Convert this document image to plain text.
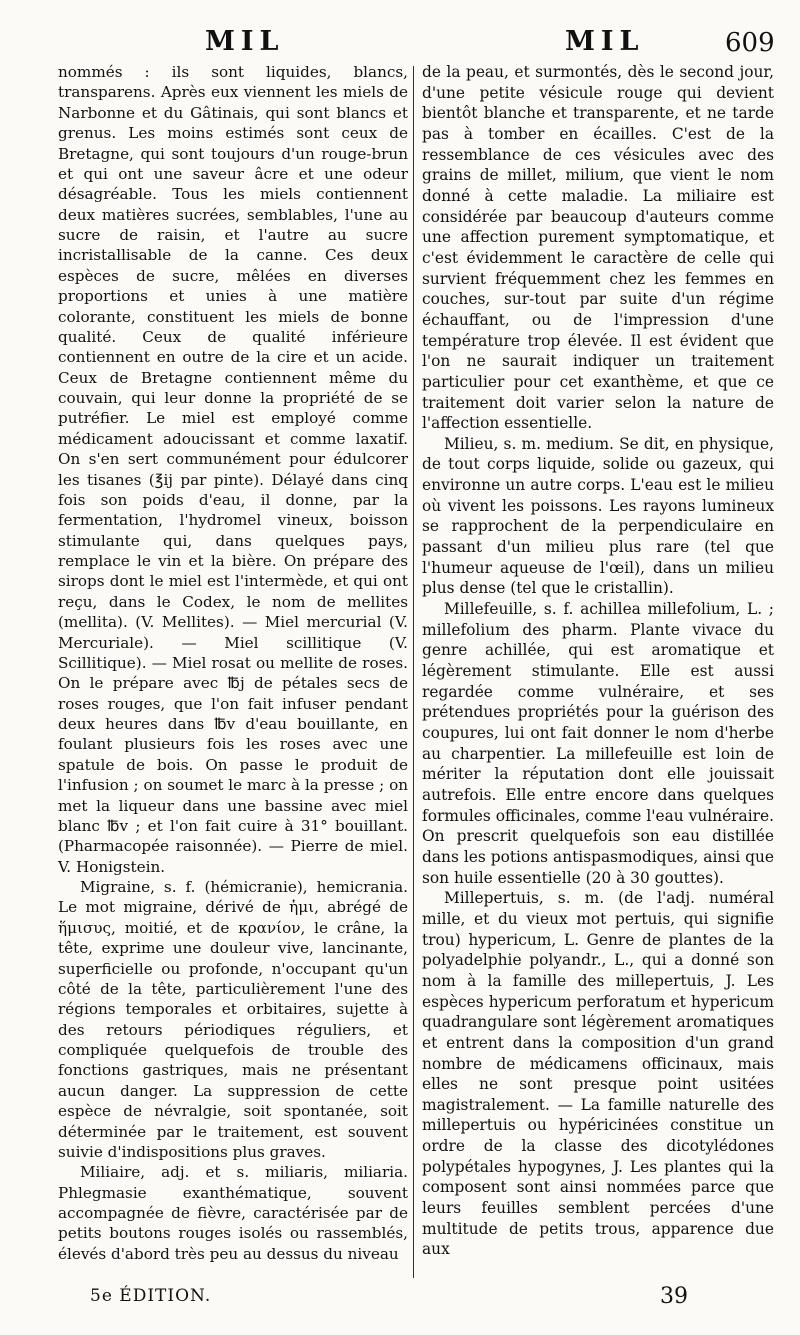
MIL	MIL	609

nommés : ils sont liquides, blancs, transparens. Après eux viennent les miels de Narbonne et du Gâtinais, qui sont blancs et grenus. Les moins estimés sont ceux de Bretagne, qui sont toujours d'un rouge-brun et qui ont une saveur âcre et une odeur désagréable. Tous les miels contiennent deux matières sucrées, semblables, l'une au sucre de raisin, et l'autre au sucre incristallisable de la canne. Ces deux espèces de sucre, mêlées en diverses proportions et unies à une matière colorante, constituent les miels de bonne qualité. Ceux de qualité inférieure contiennent en outre de la cire et un acide. Ceux de Bretagne contiennent même du couvain, qui leur donne la propriété de se putréfier. Le miel est employé comme médicament adoucissant et comme laxatif. On s'en sert communément pour édulcorer les tisanes (℥ij par pinte). Délayé dans cinq fois son poids d'eau, il donne, par la fermentation, l'hydromel vineux, boisson stimulante qui, dans quelques pays, remplace le vin et la bière. On prépare des sirops dont le miel est l'intermède, et qui ont reçu, dans le Codex, le nom de mellites (mellita). (V. Mellites). — Miel mercurial (V. Mercuriale). — Miel scillitique (V. Scillitique). — Miel rosat ou mellite de roses. On le prépare avec ℔j de pétales secs de roses rouges, que l'on fait infuser pendant deux heures dans ℔v d'eau bouillante, en foulant plusieurs fois les roses avec une spatule de bois. On passe le produit de l'infusion ; on soumet le marc à la presse ; on met la liqueur dans une bassine avec miel blanc ℔v ; et l'on fait cuire à 31° bouillant. (Pharmacopée raisonnée). — Pierre de miel. V. Honigstein.

Migraine, s. f. (hémicranie), hemicrania. Le mot migraine, dérivé de ἡμι, abrégé de ἥμισυς, moitié, et de κρανίον, le crâne, la tête, exprime une douleur vive, lancinante, superficielle ou profonde, n'occupant qu'un côté de la tête, particulièrement l'une des régions temporales et orbitaires, sujette à des retours périodiques réguliers, et compliquée quelquefois de trouble des fonctions gastriques, mais ne présentant aucun danger. La suppression de cette espèce de névralgie, soit spontanée, soit déterminée par le traitement, est souvent suivie d'indispositions plus graves.

Miliaire, adj. et s. miliaris, miliaria. Phlegmasie exanthématique, souvent accompagnée de fièvre, caractérisée par de petits boutons rouges isolés ou rassemblés, élevés d'abord très peu au dessus du niveau

de la peau, et surmontés, dès le second jour, d'une petite vésicule rouge qui devient bientôt blanche et transparente, et ne tarde pas à tomber en écailles. C'est de la ressemblance de ces vésicules avec des grains de millet, milium, que vient le nom donné à cette maladie. La miliaire est considérée par beaucoup d'auteurs comme une affection purement symptomatique, et c'est évidemment le caractère de celle qui survient fréquemment chez les femmes en couches, sur-tout par suite d'un régime échauffant, ou de l'impression d'une température trop élevée. Il est évident que l'on ne saurait indiquer un traitement particulier pour cet exanthème, et que ce traitement doit varier selon la nature de l'affection essentielle.

Milieu, s. m. medium. Se dit, en physique, de tout corps liquide, solide ou gazeux, qui environne un autre corps. L'eau est le milieu où vivent les poissons. Les rayons lumineux se rapprochent de la perpendiculaire en passant d'un milieu plus rare (tel que l'humeur aqueuse de l'œil), dans un milieu plus dense (tel que le cristallin).

Millefeuille, s. f. achillea millefolium, L. ; millefolium des pharm. Plante vivace du genre achillée, qui est aromatique et légèrement stimulante. Elle est aussi regardée comme vulnéraire, et ses prétendues propriétés pour la guérison des coupures, lui ont fait donner le nom d'herbe au charpentier. La millefeuille est loin de mériter la réputation dont elle jouissait autrefois. Elle entre encore dans quelques formules officinales, comme l'eau vulnéraire. On prescrit quelquefois son eau distillée dans les potions antispasmodiques, ainsi que son huile essentielle (20 à 30 gouttes).

Millepertuis, s. m. (de l'adj. numéral mille, et du vieux mot pertuis, qui signifie trou) hypericum, L. Genre de plantes de la polyadelphie polyandr., L., qui a donné son nom à la famille des millepertuis, J. Les espèces hypericum perforatum et hypericum quadrangulare sont légèrement aromatiques et entrent dans la composition d'un grand nombre de médicamens officinaux, mais elles ne sont presque point usitées magistralement. — La famille naturelle des millepertuis ou hypéricinées constitue un ordre de la classe des dicotylédones polypétales hypogynes, J. Les plantes qui la composent sont ainsi nommées parce que leurs feuilles semblent percées d'une multitude de petits trous, apparence due aux

5e ÉDITION.	39
